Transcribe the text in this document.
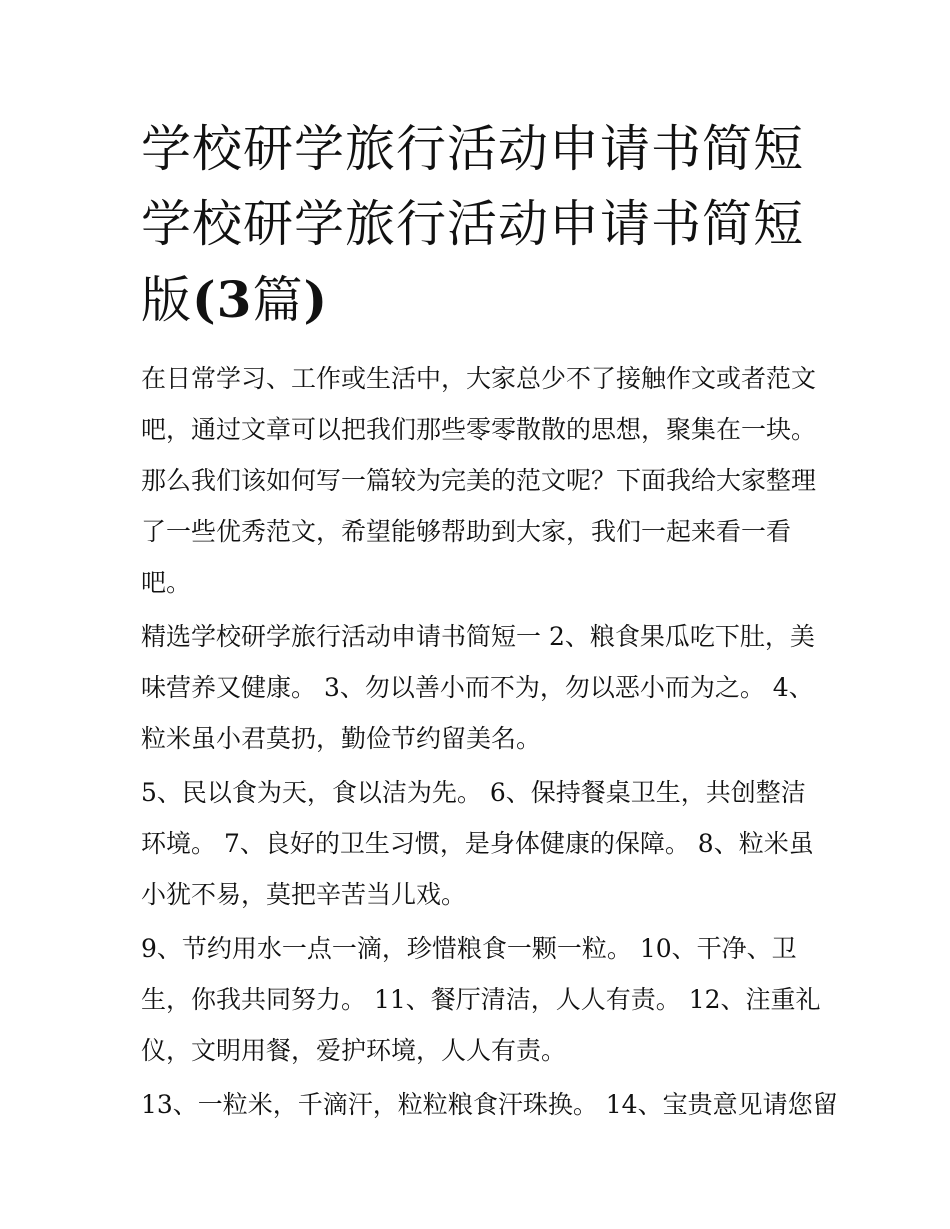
学校研学旅行活动申请书简短
学校研学旅行活动申请书简短
版(3篇)

在日常学习、工作或生活中，大家总少不了接触作文或者范文
吧，通过文章可以把我们那些零零散散的思想，聚集在一块。
那么我们该如何写一篇较为完美的范文呢？下面我给大家整理
了一些优秀范文，希望能够帮助到大家，我们一起来看一看
吧。

精选学校研学旅行活动申请书简短一 2、粮食果瓜吃下肚，美
味营养又健康。 3、勿以善小而不为，勿以恶小而为之。 4、
粒米虽小君莫扔，勤俭节约留美名。

5、民以食为天，食以洁为先。 6、保持餐桌卫生，共创整洁
环境。 7、良好的卫生习惯，是身体健康的保障。 8、粒米虽
小犹不易，莫把辛苦当儿戏。

9、节约用水一点一滴，珍惜粮食一颗一粒。 10、干净、卫
生，你我共同努力。 11、餐厅清洁，人人有责。 12、注重礼
仪，文明用餐，爱护环境，人人有责。

13、一粒米，千滴汗，粒粒粮食汗珠换。 14、宝贵意见请您留
